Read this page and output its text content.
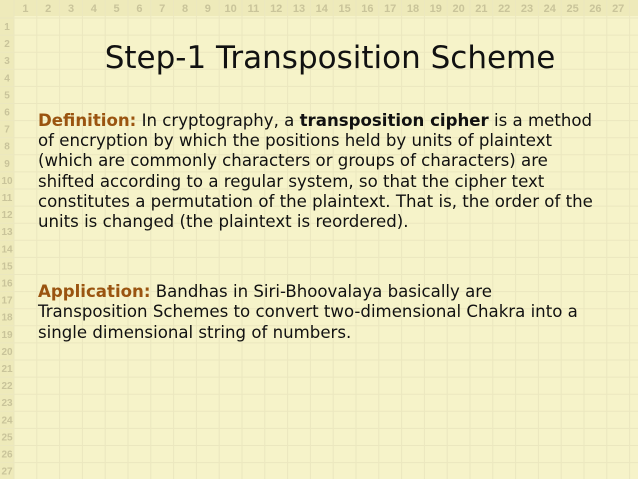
1 2 3 4 5 6 7 8 9 10 11 12 13 14 15 16 17 18 19 20 21 22 23 24 25 26 27
1
2
3
4
5
6
7
8
9
10
11
12
13
14
15
16
17
18
19
20
21
22
23
24
25
26
27
Step-1 Transposition Scheme

Definition: In cryptography, a transposition cipher is a method of encryption by which the positions held by units of plaintext (which are commonly characters or groups of characters) are shifted according to a regular system, so that the cipher text constitutes a permutation of the plaintext. That is, the order of the units is changed (the plaintext is reordered).

Application: Bandhas in Siri-Bhoovalaya basically are Transposition Schemes to convert two-dimensional Chakra into a single dimensional string of numbers.
